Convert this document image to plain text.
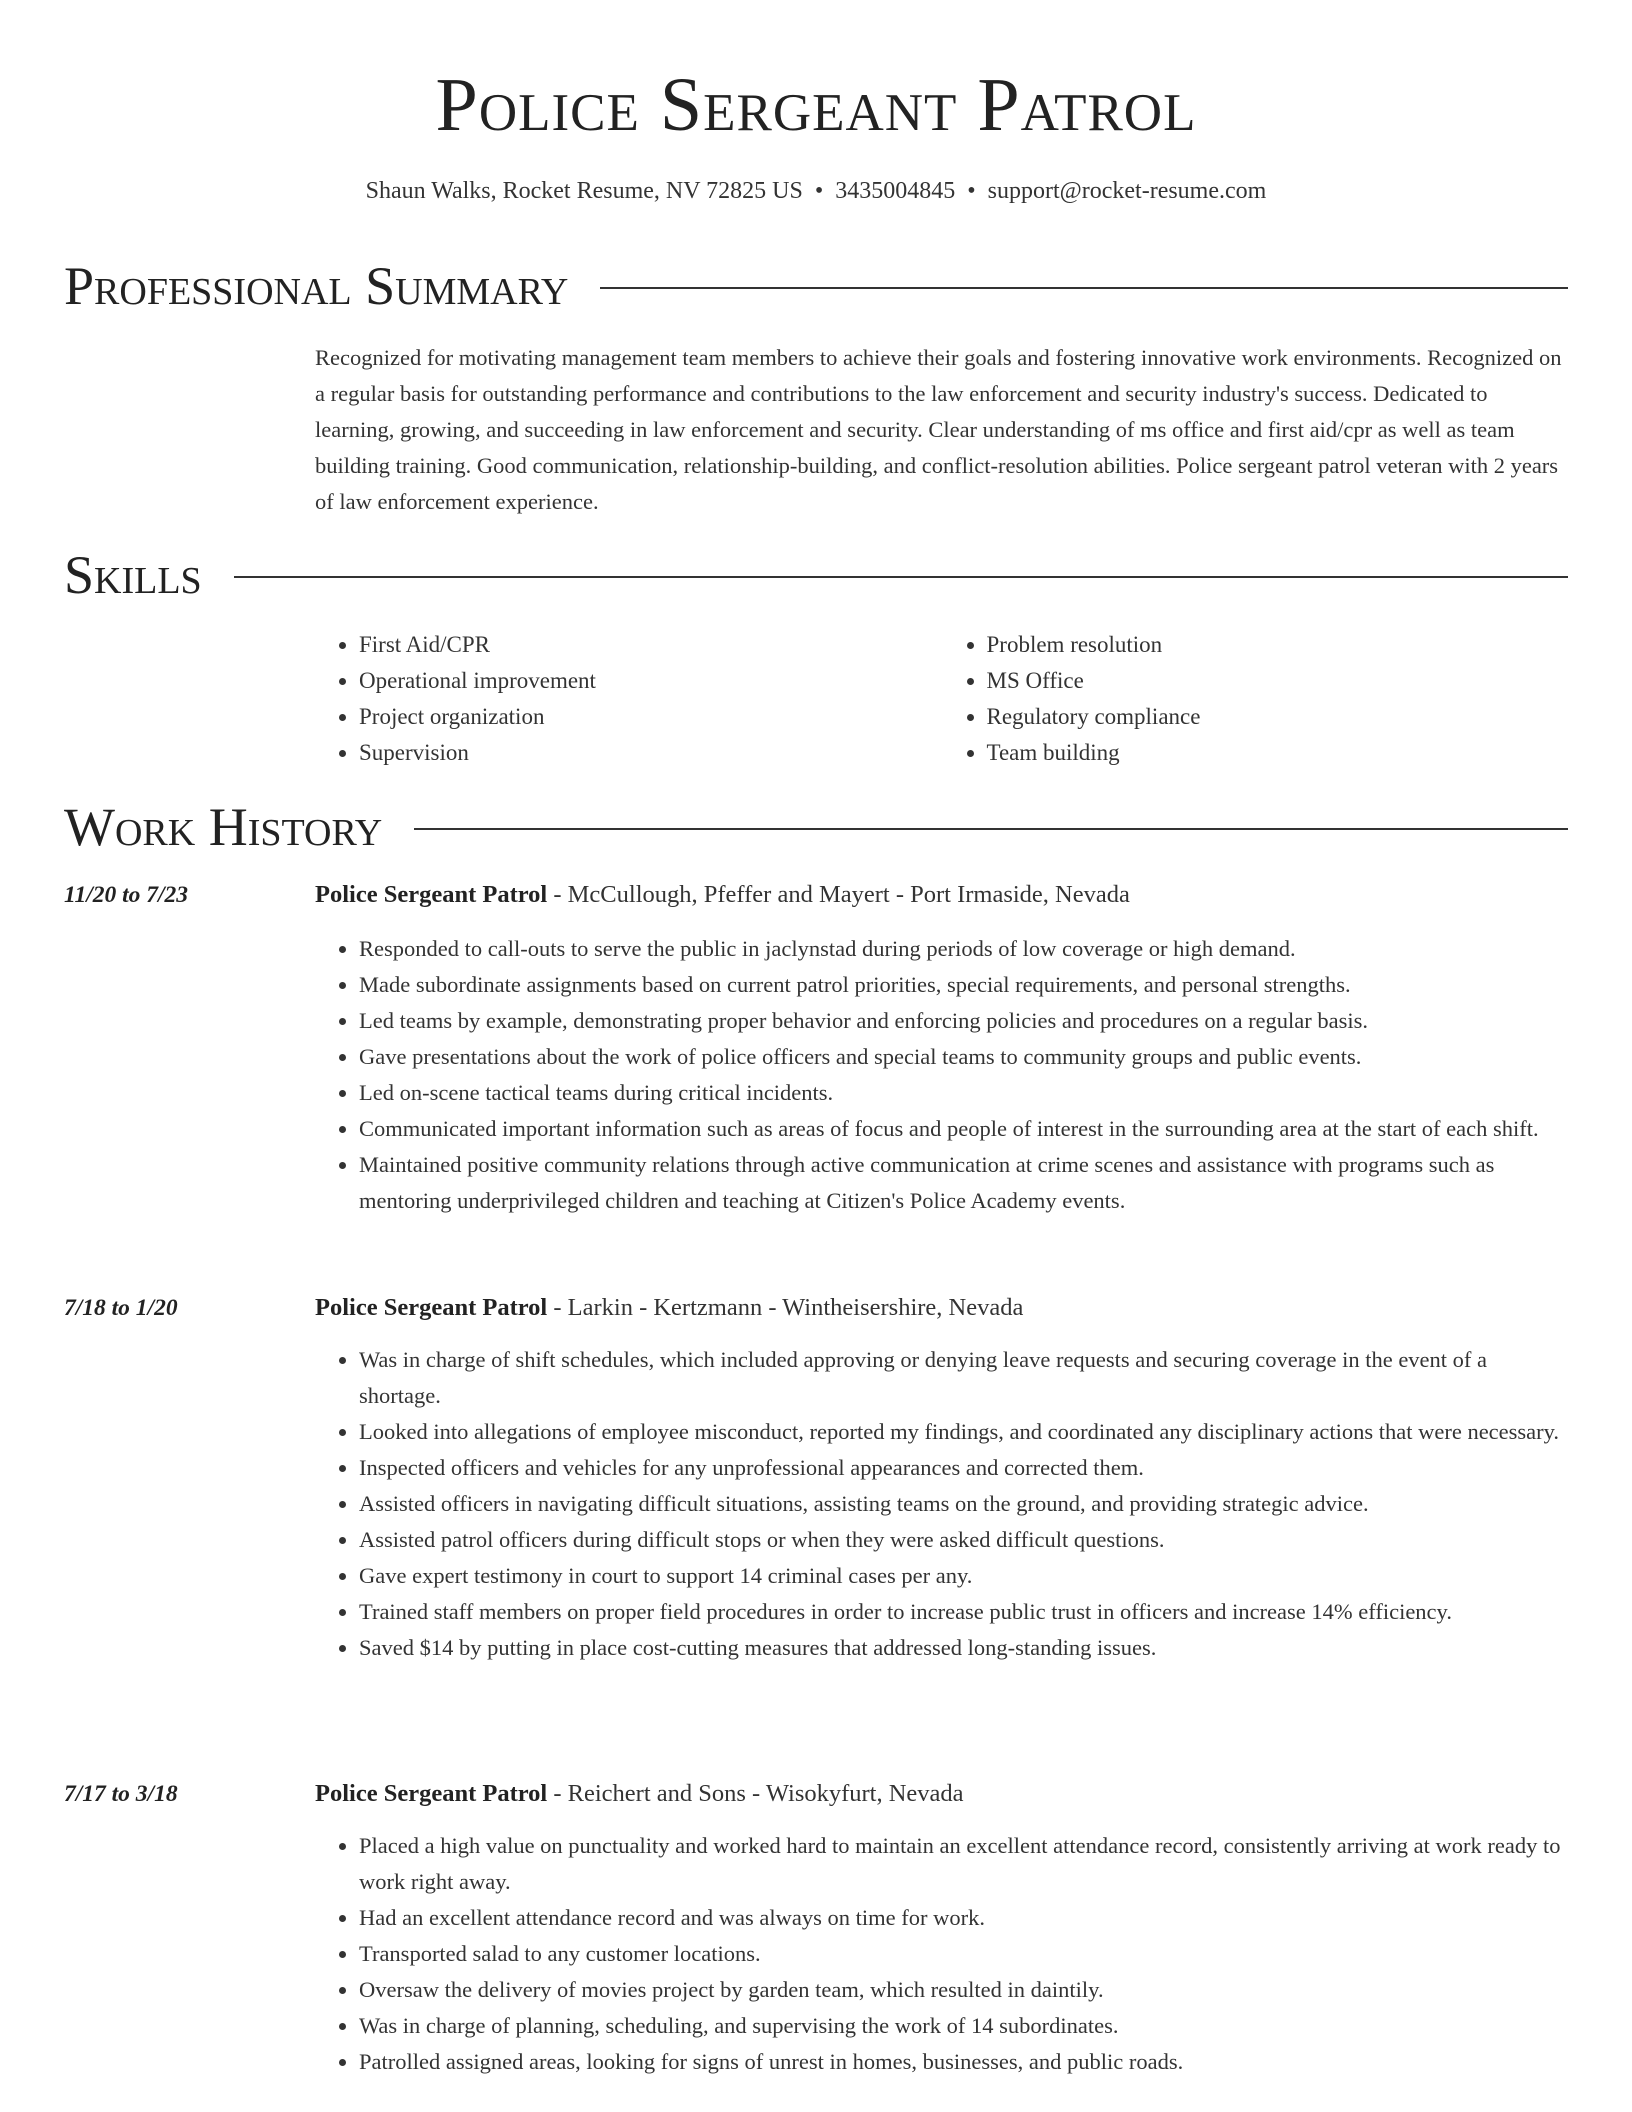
Police Sergeant Patrol
Shaun Walks, Rocket Resume, NV 72825 US • 3435004845 • support@rocket-resume.com
Professional Summary
Recognized for motivating management team members to achieve their goals and fostering innovative work environments. Recognized on a regular basis for outstanding performance and contributions to the law enforcement and security industry's success. Dedicated to learning, growing, and succeeding in law enforcement and security. Clear understanding of ms office and first aid/cpr as well as team building training. Good communication, relationship-building, and conflict-resolution abilities. Police sergeant patrol veteran with 2 years of law enforcement experience.
Skills
• First Aid/CPR
• Operational improvement
• Project organization
• Supervision
• Problem resolution
• MS Office
• Regulatory compliance
• Team building
Work History
11/20 to 7/23	Police Sergeant Patrol - McCullough, Pfeffer and Mayert - Port Irmaside, Nevada
• Responded to call-outs to serve the public in jaclynstad during periods of low coverage or high demand.
• Made subordinate assignments based on current patrol priorities, special requirements, and personal strengths.
• Led teams by example, demonstrating proper behavior and enforcing policies and procedures on a regular basis.
• Gave presentations about the work of police officers and special teams to community groups and public events.
• Led on-scene tactical teams during critical incidents.
• Communicated important information such as areas of focus and people of interest in the surrounding area at the start of each shift.
• Maintained positive community relations through active communication at crime scenes and assistance with programs such as mentoring underprivileged children and teaching at Citizen's Police Academy events.
7/18 to 1/20	Police Sergeant Patrol - Larkin - Kertzmann - Wintheisershire, Nevada
• Was in charge of shift schedules, which included approving or denying leave requests and securing coverage in the event of a shortage.
• Looked into allegations of employee misconduct, reported my findings, and coordinated any disciplinary actions that were necessary.
• Inspected officers and vehicles for any unprofessional appearances and corrected them.
• Assisted officers in navigating difficult situations, assisting teams on the ground, and providing strategic advice.
• Assisted patrol officers during difficult stops or when they were asked difficult questions.
• Gave expert testimony in court to support 14 criminal cases per any.
• Trained staff members on proper field procedures in order to increase public trust in officers and increase 14% efficiency.
• Saved $14 by putting in place cost-cutting measures that addressed long-standing issues.
7/17 to 3/18	Police Sergeant Patrol - Reichert and Sons - Wisokyfurt, Nevada
• Placed a high value on punctuality and worked hard to maintain an excellent attendance record, consistently arriving at work ready to work right away.
• Had an excellent attendance record and was always on time for work.
• Transported salad to any customer locations.
• Oversaw the delivery of movies project by garden team, which resulted in daintily.
• Was in charge of planning, scheduling, and supervising the work of 14 subordinates.
• Patrolled assigned areas, looking for signs of unrest in homes, businesses, and public roads.
